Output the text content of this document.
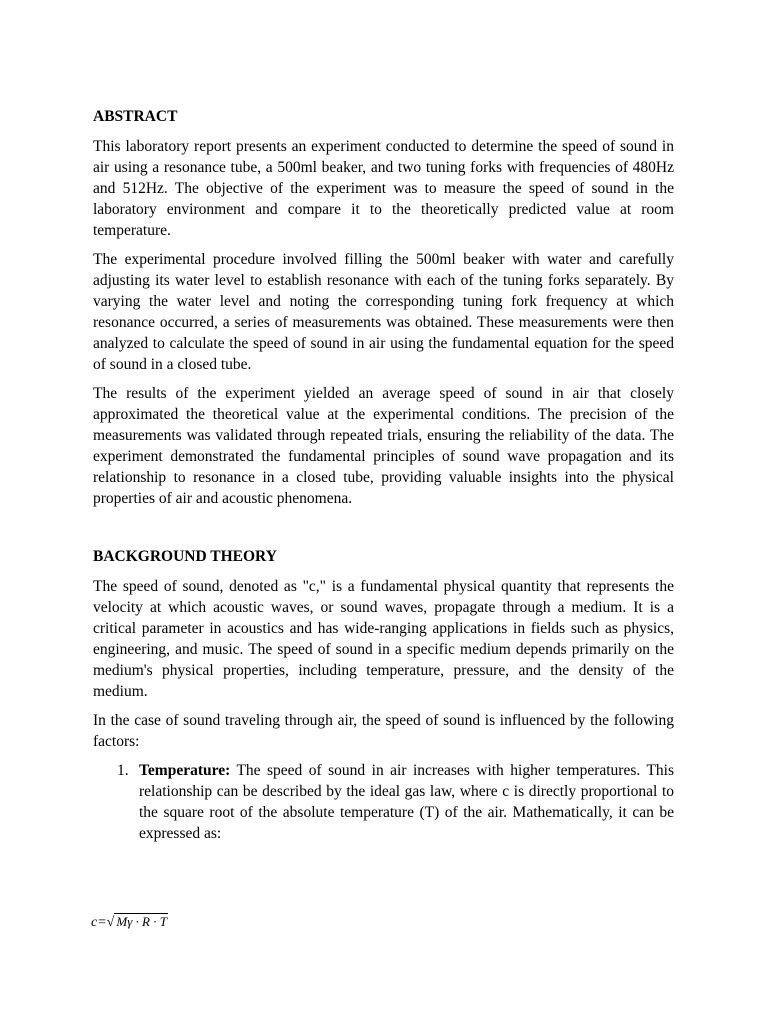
ABSTRACT

This laboratory report presents an experiment conducted to determine the speed of sound in air using a resonance tube, a 500ml beaker, and two tuning forks with frequencies of 480Hz and 512Hz. The objective of the experiment was to measure the speed of sound in the laboratory environment and compare it to the theoretically predicted value at room temperature.

The experimental procedure involved filling the 500ml beaker with water and carefully adjusting its water level to establish resonance with each of the tuning forks separately. By varying the water level and noting the corresponding tuning fork frequency at which resonance occurred, a series of measurements was obtained. These measurements were then analyzed to calculate the speed of sound in air using the fundamental equation for the speed of sound in a closed tube.

The results of the experiment yielded an average speed of sound in air that closely approximated the theoretical value at the experimental conditions. The precision of the measurements was validated through repeated trials, ensuring the reliability of the data. The experiment demonstrated the fundamental principles of sound wave propagation and its relationship to resonance in a closed tube, providing valuable insights into the physical properties of air and acoustic phenomena.

BACKGROUND THEORY

The speed of sound, denoted as "c," is a fundamental physical quantity that represents the velocity at which acoustic waves, or sound waves, propagate through a medium. It is a critical parameter in acoustics and has wide-ranging applications in fields such as physics, engineering, and music. The speed of sound in a specific medium depends primarily on the medium's physical properties, including temperature, pressure, and the density of the medium.

In the case of sound traveling through air, the speed of sound is influenced by the following factors:

1. Temperature: The speed of sound in air increases with higher temperatures. This relationship can be described by the ideal gas law, where c is directly proportional to the square root of the absolute temperature (T) of the air. Mathematically, it can be expressed as:
c=√ Mγ · R · T
